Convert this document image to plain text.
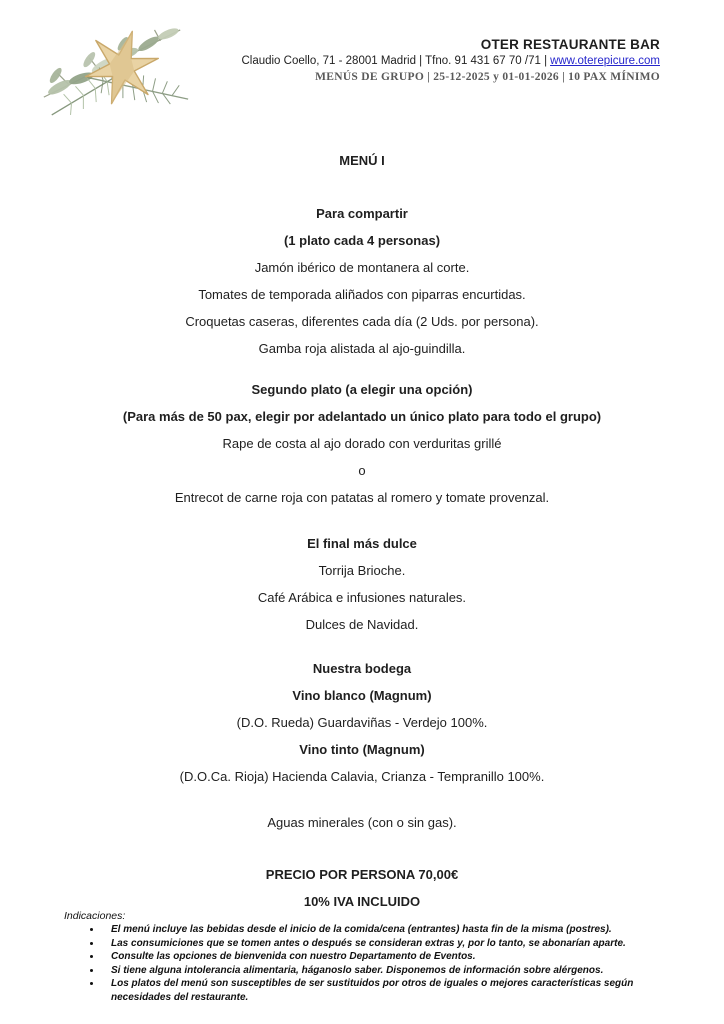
OTER RESTAURANTE BAR

Claudio Coello, 71 - 28001 Madrid | Tfno. 91 431 67 70 /71 | www.oterepicure.com

MENÚS DE GRUPO | 25-12-2025 y 01-01-2026 | 10 PAX MÍNIMO

MENÚ I

Para compartir

(1 plato cada 4 personas)

Jamón ibérico de montanera al corte.

Tomates de temporada aliñados con piparras encurtidas.

Croquetas caseras, diferentes cada día (2 Uds. por persona).

Gamba roja alistada al ajo-guindilla.

Segundo plato (a elegir una opción)

(Para más de 50 pax, elegir por adelantado un único plato para todo el grupo)

Rape de costa al ajo dorado con verduritas grillé

o

Entrecot de carne roja con patatas al romero y tomate provenzal.

El final más dulce

Torrija Brioche.

Café Arábica e infusiones naturales.

Dulces de Navidad.

Nuestra bodega

Vino blanco (Magnum)

(D.O. Rueda) Guardaviñas - Verdejo 100%.

Vino tinto (Magnum)

(D.O.Ca. Rioja) Hacienda Calavia, Crianza - Tempranillo 100%.

Aguas minerales (con o sin gas).

PRECIO POR PERSONA 70,00€

10% IVA INCLUIDO

Indicaciones:

• El menú incluye las bebidas desde el inicio de la comida/cena (entrantes) hasta fin de la misma (postres).
• Las consumiciones que se tomen antes o después se consideran extras y, por lo tanto, se abonarían aparte.
• Consulte las opciones de bienvenida con nuestro Departamento de Eventos.
• Si tiene alguna intolerancia alimentaria, háganoslo saber. Disponemos de información sobre alérgenos.
• Los platos del menú son susceptibles de ser sustituidos por otros de iguales o mejores características según necesidades del restaurante.
